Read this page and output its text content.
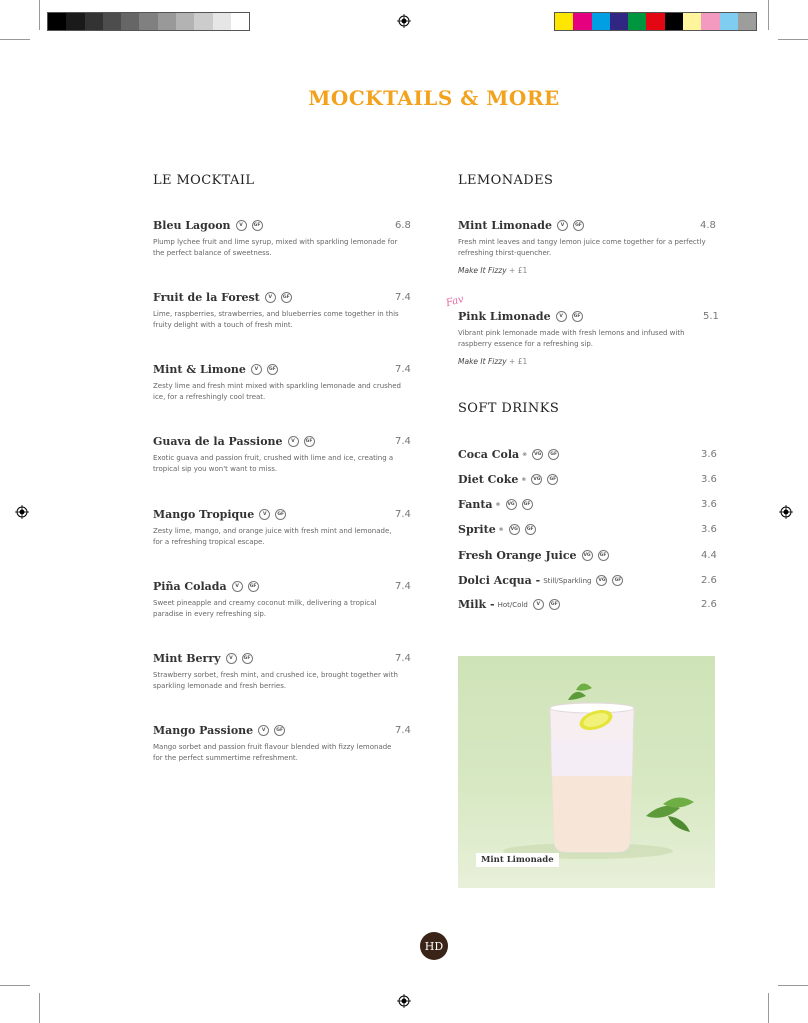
MOCKTAILS & MORE
LE MOCKTAIL
Bleu Lagoon	V	GF
Plump lychee fruit and lime syrup, mixed with sparkling lemonade for the perfect balance of sweetness.
6.8
Fruit de la Forest	V	GF
Lime, raspberries, strawberries, and blueberries come together in this fruity delight with a touch of fresh mint.
7.4
Mint & Limone	V	GF
Zesty lime and fresh mint mixed with sparkling lemonade and crushed ice, for a refreshingly cool treat.
7.4
Guava de la Passione	V	GF
Exotic guava and passion fruit, crushed with lime and ice, creating a tropical sip you won't want to miss.
7.4
Mango Tropique	V	GF
Zesty lime, mango, and orange juice with fresh mint and lemonade, for a refreshing tropical escape.
7.4
Piña Colada	V	GF
Sweet pineapple and creamy coconut milk, delivering a tropical paradise in every refreshing sip.
7.4
Mint Berry	V	GF
Strawberry sorbet, fresh mint, and crushed ice, brought together with sparkling lemonade and fresh berries.
7.4
Mango Passione	V	GF
Mango sorbet and passion fruit flavour blended with fizzy lemonade for the perfect summertime refreshment.
7.4
LEMONADES
Fav
Mint Limonade	V	GF
Fresh mint leaves and tangy lemon juice come together for a perfectly refreshing thirst-quencher.
Make It Fizzy + £1
4.8
Pink Limonade	V	GF
Vibrant pink lemonade made with fresh lemons and infused with raspberry essence for a refreshing sip.
Make It Fizzy + £1
5.1
SOFT DRINKS
Coca Cola ®	VG	GF	3.6
Diet Coke ®	VG	GF	3.6
Fanta ®	VG	GF	3.6
Sprite ®	VG	GF	3.6
Fresh Orange Juice	VG	GF	4.4
Dolci Acqua - Still/Sparkling	VG	GF	2.6
Milk - Hot/Cold	V	GF	2.6
Mint Limonade
HD
